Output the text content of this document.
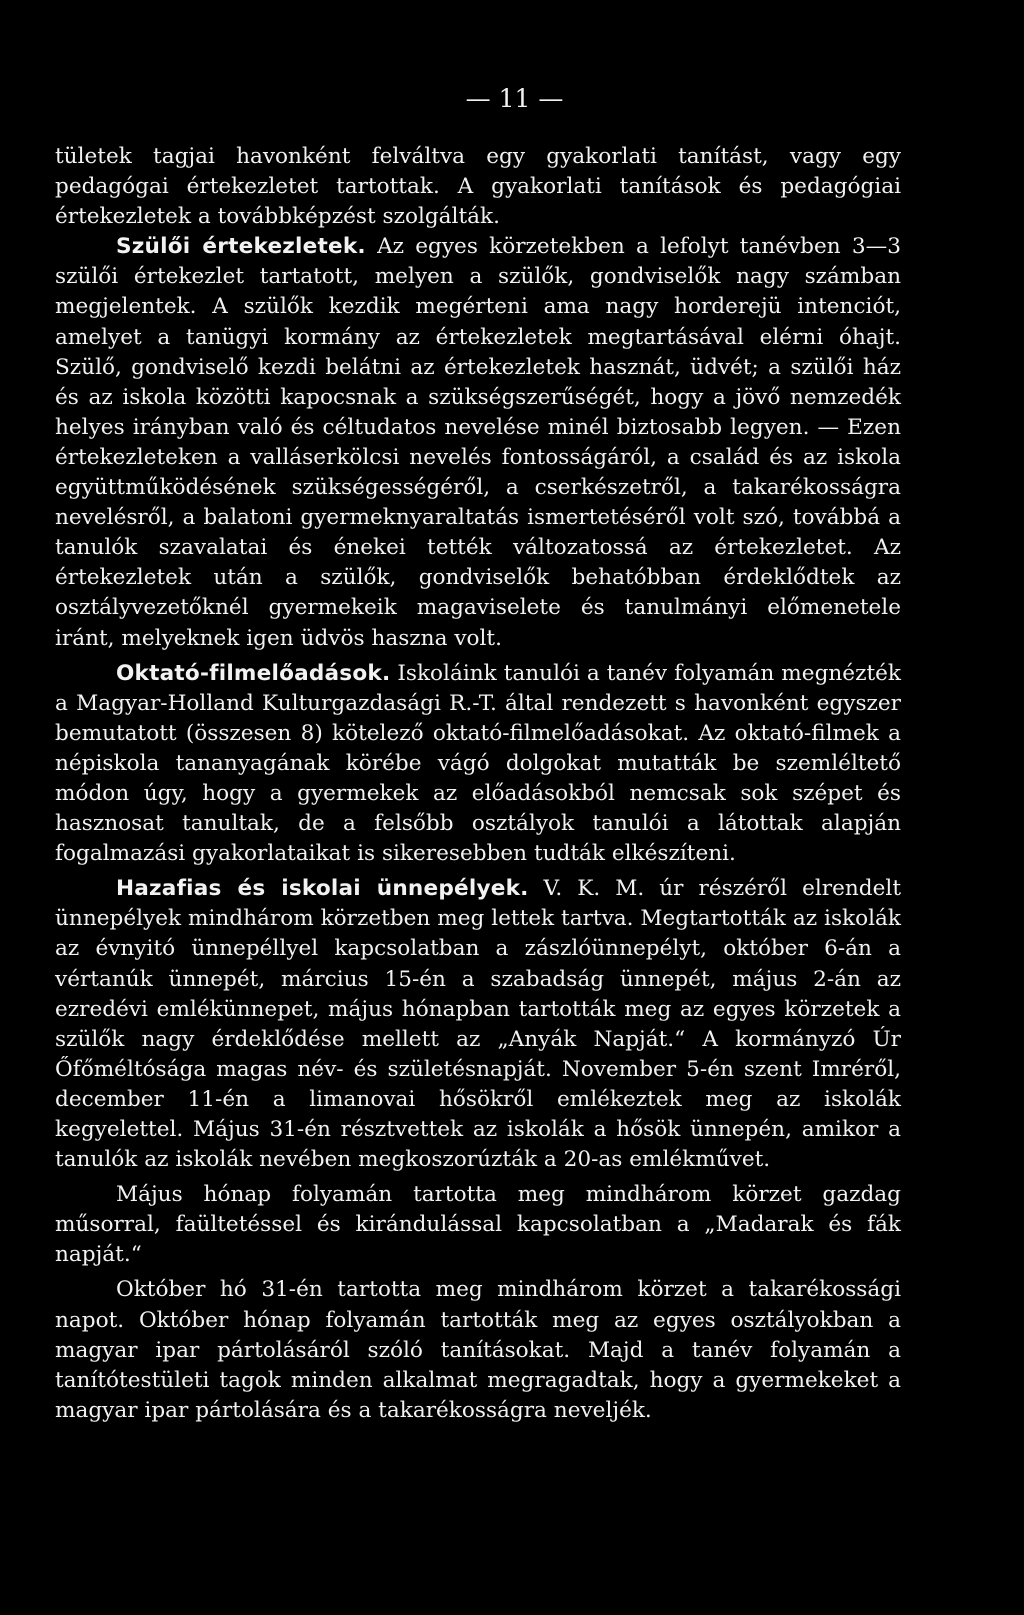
— 11 —

tületek tagjai havonként felváltva egy gyakorlati tanítást, vagy egy pedagógai értekezletet tartottak. A gyakorlati tanítások és pedagógiai értekezletek a továbbképzést szolgálták.

Szülői értekezletek. Az egyes körzetekben a lefolyt tanévben 3—3 szülői értekezlet tartatott, melyen a szülők, gondviselők nagy számban megjelentek. A szülők kezdik megérteni ama nagy horderejü intenciót, amelyet a tanügyi kormány az értekezletek megtartásával elérni óhajt. Szülő, gondviselő kezdi belátni az értekezletek hasznát, üdvét; a szülői ház és az iskola közötti kapocsnak a szükségszerűségét, hogy a jövő nemzedék helyes irányban való és céltudatos nevelése minél biztosabb legyen. — Ezen értekezleteken a valláserkölcsi nevelés fontosságáról, a család és az iskola együttműködésének szükségességéről, a cserkészetről, a takarékosságra nevelésről, a balatoni gyermeknyaraltatás ismertetéséről volt szó, továbbá a tanulók szavalatai és énekei tették változatossá az értekezletet. Az értekezletek után a szülők, gondviselők behatóbban érdeklődtek az osztályvezetőknél gyermekeik magaviselete és tanulmányi előmenetele iránt, melyeknek igen üdvös haszna volt.

Oktató-filmelőadások. Iskoláink tanulói a tanév folyamán megnézték a Magyar-Holland Kulturgazdasági R.-T. által rendezett s havonként egyszer bemutatott (összesen 8) kötelező oktató-filmelőadásokat. Az oktató-filmek a népiskola tananyagának körébe vágó dolgokat mutatták be szemléltető módon úgy, hogy a gyermekek az előadásokból nemcsak sok szépet és hasznosat tanultak, de a felsőbb osztályok tanulói a látottak alapján fogalmazási gyakorlataikat is sikeresebben tudták elkészíteni.

Hazafias és iskolai ünnepélyek. V. K. M. úr részéről elrendelt ünnepélyek mindhárom körzetben meg lettek tartva. Megtartották az iskolák az évnyitó ünnepéllyel kapcsolatban a zászlóünnepélyt, október 6-án a vértanúk ünnepét, március 15-én a szabadság ünnepét, május 2-án az ezredévi emlékünnepet, május hónapban tartották meg az egyes körzetek a szülők nagy érdeklődése mellett az „Anyák Napját.“ A kormányzó Úr Őfőméltósága magas név- és születésnapját. November 5-én szent Imréről, december 11-én a limanovai hősökről emlékeztek meg az iskolák kegyelettel. Május 31-én résztvettek az iskolák a hősök ünnepén, amikor a tanulók az iskolák nevében megkoszorúzták a 20-as emlékművet.

Május hónap folyamán tartotta meg mindhárom körzet gazdag műsorral, faültetéssel és kirándulással kapcsolatban a „Madarak és fák napját.“

Október hó 31-én tartotta meg mindhárom körzet a takarékossági napot. Október hónap folyamán tartották meg az egyes osztályokban a magyar ipar pártolásáról szóló tanításokat. Majd a tanév folyamán a tanítótestületi tagok minden alkalmat megragadtak, hogy a gyermekeket a magyar ipar pártolására és a takarékosságra neveljék.
